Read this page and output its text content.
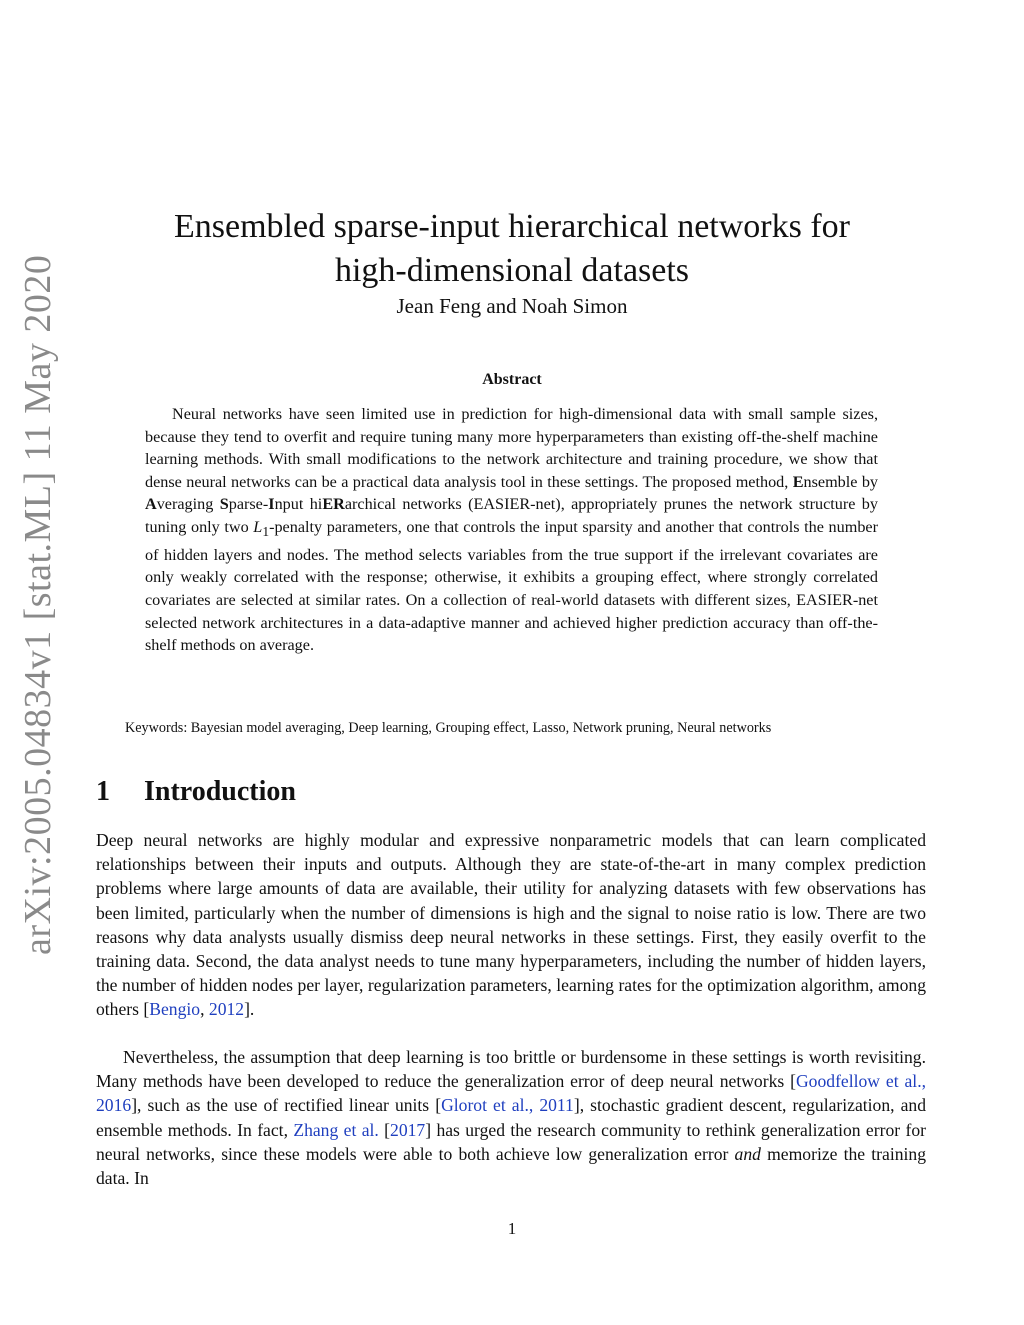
arXiv:2005.04834v1 [stat.ML] 11 May 2020
Ensembled sparse-input hierarchical networks for
high-dimensional datasets
Jean Feng and Noah Simon
Abstract

Neural networks have seen limited use in prediction for high-dimensional data with small sample sizes, because they tend to overfit and require tuning many more hyperparameters than existing off-the-shelf machine learning methods. With small modifications to the network architecture and training procedure, we show that dense neural networks can be a practical data analysis tool in these settings. The proposed method, Ensemble by Averaging Sparse-Input hiERarchical networks (EASIER-net), appropriately prunes the network structure by tuning only two $L_1$-penalty parameters, one that controls the input sparsity and another that controls the number of hidden layers and nodes. The method selects variables from the true support if the irrelevant covariates are only weakly correlated with the response; otherwise, it exhibits a grouping effect, where strongly correlated covariates are selected at similar rates. On a collection of real-world datasets with different sizes, EASIER-net selected network architectures in a data-adaptive manner and achieved higher prediction accuracy than off-the-shelf methods on average.

Keywords: Bayesian model averaging, Deep learning, Grouping effect, Lasso, Network pruning, Neural networks
1 Introduction

Deep neural networks are highly modular and expressive nonparametric models that can learn complicated relationships between their inputs and outputs. Although they are state-of-the-art in many complex prediction problems where large amounts of data are available, their utility for analyzing datasets with few observations has been limited, particularly when the number of dimensions is high and the signal to noise ratio is low. There are two reasons why data analysts usually dismiss deep neural networks in these settings. First, they easily overfit to the training data. Second, the data analyst needs to tune many hyperparameters, including the number of hidden layers, the number of hidden nodes per layer, regularization parameters, learning rates for the optimization algorithm, among others [Bengio, 2012].

Nevertheless, the assumption that deep learning is too brittle or burdensome in these settings is worth revisiting. Many methods have been developed to reduce the generalization error of deep neural networks [Goodfellow et al., 2016], such as the use of rectified linear units [Glorot et al., 2011], stochastic gradient descent, regularization, and ensemble methods. In fact, Zhang et al. [2017] has urged the research community to rethink generalization error for neural networks, since these models were able to both achieve low generalization error and memorize the training data. In

1
